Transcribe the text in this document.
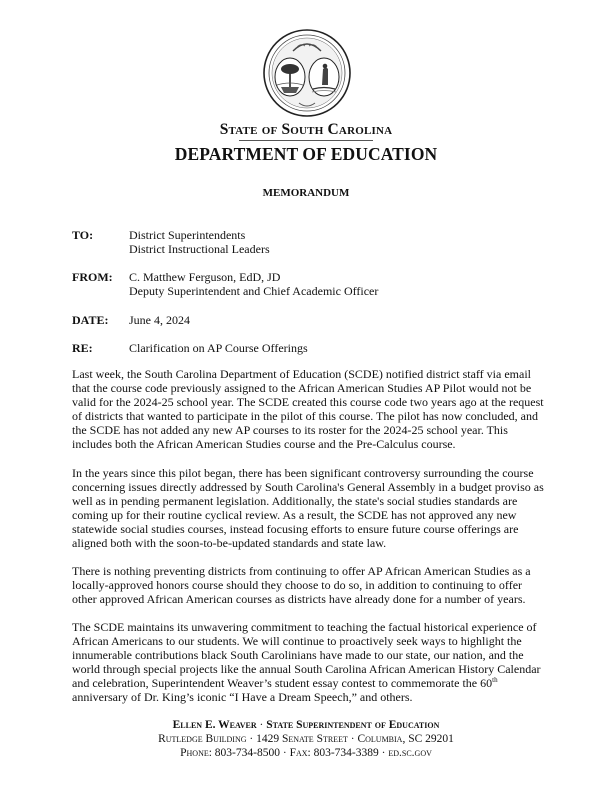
State of South Carolina
DEPARTMENT OF EDUCATION
MEMORANDUM
TO:	District Superintendents
District Instructional Leaders
FROM: C. Matthew Ferguson, EdD, JD
Deputy Superintendent and Chief Academic Officer
DATE: June 4, 2024
RE:	Clarification on AP Course Offerings

Last week, the South Carolina Department of Education (SCDE) notified district staff via email that the course code previously assigned to the African American Studies AP Pilot would not be valid for the 2024-25 school year. The SCDE created this course code two years ago at the request of districts that wanted to participate in the pilot of this course. The pilot has now concluded, and the SCDE has not added any new AP courses to its roster for the 2024-25 school year. This includes both the African American Studies course and the Pre-Calculus course.

In the years since this pilot began, there has been significant controversy surrounding the course concerning issues directly addressed by South Carolina's General Assembly in a budget proviso as well as in pending permanent legislation. Additionally, the state's social studies standards are coming up for their routine cyclical review. As a result, the SCDE has not approved any new statewide social studies courses, instead focusing efforts to ensure future course offerings are aligned both with the soon-to-be-updated standards and state law.

There is nothing preventing districts from continuing to offer AP African American Studies as a locally-approved honors course should they choose to do so, in addition to continuing to offer other approved African American courses as districts have already done for a number of years.

The SCDE maintains its unwavering commitment to teaching the factual historical experience of African Americans to our students. We will continue to proactively seek ways to highlight the innumerable contributions black South Carolinians have made to our state, our nation, and the world through special projects like the annual South Carolina African American History Calendar and celebration, Superintendent Weaver’s student essay contest to commemorate the 60th anniversary of Dr. King’s iconic “I Have a Dream Speech,” and others.

Ellen E. Weaver · State Superintendent of Education
Rutledge Building · 1429 Senate Street · Columbia, SC 29201
Phone: 803-734-8500 · Fax: 803-734-3389 · ed.sc.gov
